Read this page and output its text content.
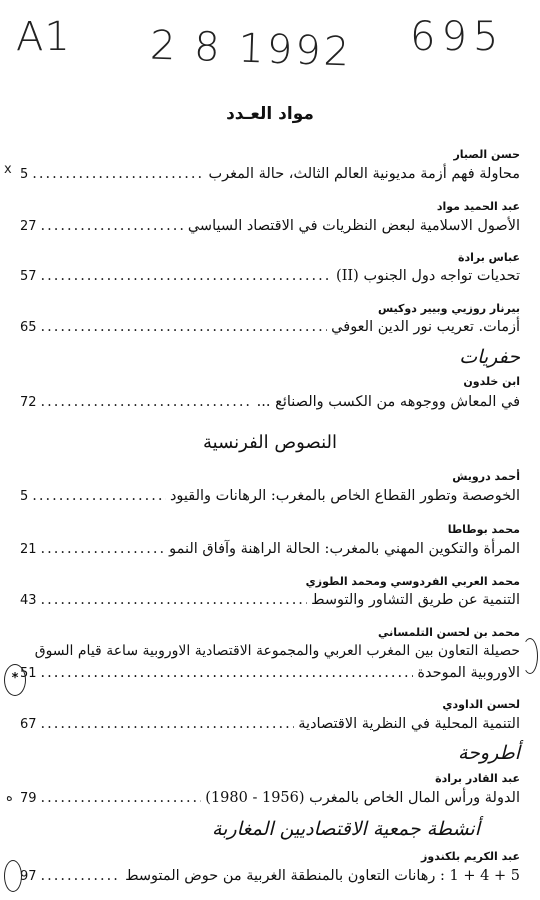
A1 2 8 1992 695
مواد العـدد
حسن الصبار
محاولة فهم أزمة مديونية العالم الثالث، حالة المغرب
.....
5
عبد الحميد مواد
الأصول الاسلامية لبعض النظريات في الاقتصاد السياسي
.....
27
عباس برادة
تحديات تواجه دول الجنوب (II)
.....
57
بيرنار روزيي وبيير دوكيس
أزمات. تعريب نور الدين العوفي
.....
65
حفريات
ابن خلدون
في المعاش ووجوهه من الكسب والصنائع ...
.....
72
النصوص الفرنسية
أحمد درويش
الخوصصة وتطور القطاع الخاص بالمغرب: الرهانات والقيود
.....
5
محمد بوطاطا
المرأة والتكوين المهني بالمغرب: الحالة الراهنة وآفاق النمو
.....
21
محمد العربي الفردوسي ومحمد الطوزي
التنمية عن طريق التشاور والتوسط
.....
43
محمد بن لحسن التلمساني
حصيلة التعاون بين المغرب العربي والمجموعة الاقتصادية الاوروبية ساعة قيام السوق
الاوروبية الموحدة
.....
51
لحسن الداودي
التنمية المحلية في النظرية الاقتصادية
.....
67
أطروحة
عبد القادر برادة
الدولة ورأس المال الخاص بالمغرب (1956 - 1980)
.....
79
أنشطة جمعية الاقتصاديين المغاربة
عبد الكريم بلكندوز
5 + 4 + 1 : رهانات التعاون بالمنطقة الغربية من حوض المتوسط
.....
97
x
*
ه
